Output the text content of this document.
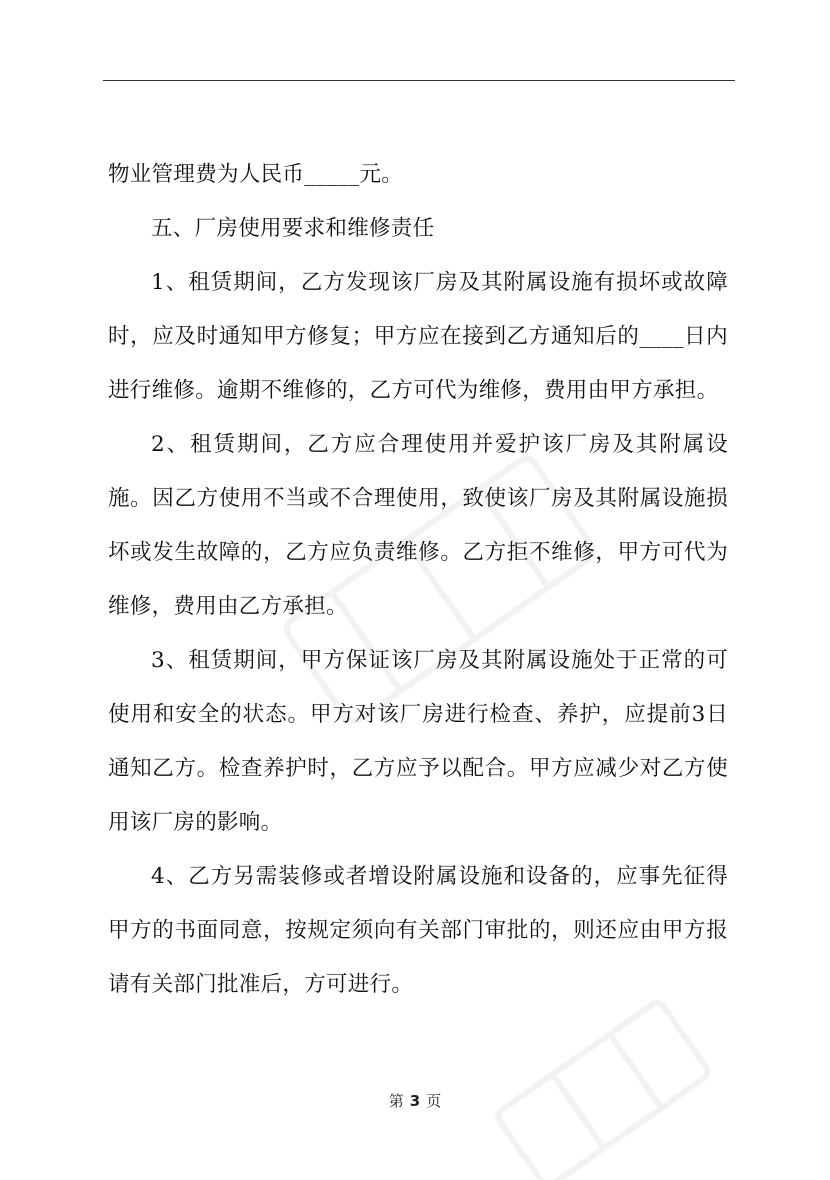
物业管理费为人民币_____元。

五、厂房使用要求和维修责任

1、租赁期间，乙方发现该厂房及其附属设施有损坏或故障时，应及时通知甲方修复；甲方应在接到乙方通知后的____日内进行维修。逾期不维修的，乙方可代为维修，费用由甲方承担。

2、租赁期间，乙方应合理使用并爱护该厂房及其附属设施。因乙方使用不当或不合理使用，致使该厂房及其附属设施损坏或发生故障的，乙方应负责维修。乙方拒不维修，甲方可代为维修，费用由乙方承担。

3、租赁期间，甲方保证该厂房及其附属设施处于正常的可使用和安全的状态。甲方对该厂房进行检查、养护，应提前3日通知乙方。检查养护时，乙方应予以配合。甲方应减少对乙方使用该厂房的影响。

4、乙方另需装修或者增设附属设施和设备的，应事先征得甲方的书面同意，按规定须向有关部门审批的，则还应由甲方报请有关部门批准后，方可进行。

第 3 页
